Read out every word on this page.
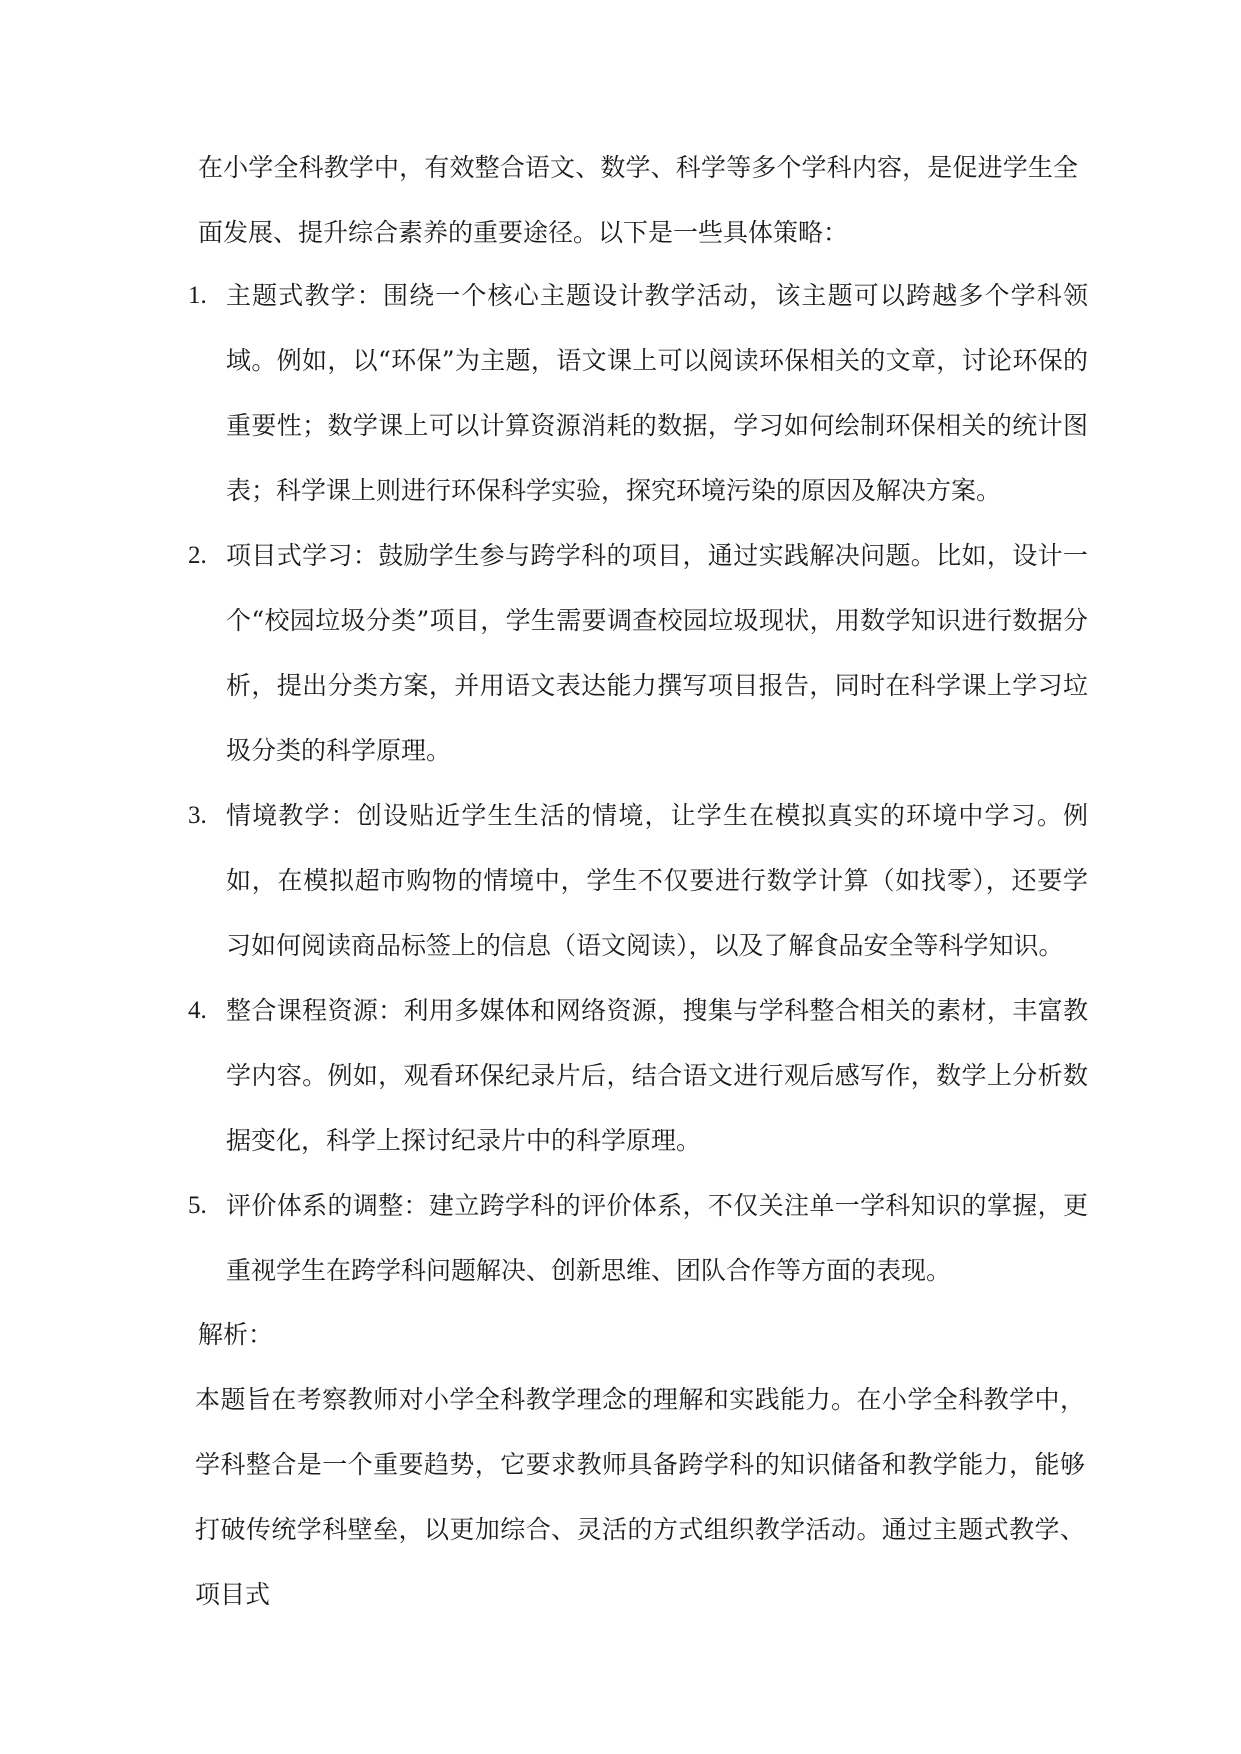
在小学全科教学中，有效整合语文、数学、科学等多个学科内容，是促进学生全面发展、提升综合素养的重要途径。以下是一些具体策略：

1. 主题式教学：围绕一个核心主题设计教学活动，该主题可以跨越多个学科领域。例如，以“环保”为主题，语文课上可以阅读环保相关的文章，讨论环保的重要性；数学课上可以计算资源消耗的数据，学习如何绘制环保相关的统计图表；科学课上则进行环保科学实验，探究环境污染的原因及解决方案。
2. 项目式学习：鼓励学生参与跨学科的项目，通过实践解决问题。比如，设计一个“校园垃圾分类”项目，学生需要调查校园垃圾现状，用数学知识进行数据分析，提出分类方案，并用语文表达能力撰写项目报告，同时在科学课上学习垃圾分类的科学原理。
3. 情境教学：创设贴近学生生活的情境，让学生在模拟真实的环境中学习。例如，在模拟超市购物的情境中，学生不仅要进行数学计算（如找零），还要学习如何阅读商品标签上的信息（语文阅读），以及了解食品安全等科学知识。
4. 整合课程资源：利用多媒体和网络资源，搜集与学科整合相关的素材，丰富教学内容。例如，观看环保纪录片后，结合语文进行观后感写作，数学上分析数据变化，科学上探讨纪录片中的科学原理。
5. 评价体系的调整：建立跨学科的评价体系，不仅关注单一学科知识的掌握，更重视学生在跨学科问题解决、创新思维、团队合作等方面的表现。

解析：

本题旨在考察教师对小学全科教学理念的理解和实践能力。在小学全科教学中，学科整合是一个重要趋势，它要求教师具备跨学科的知识储备和教学能力，能够打破传统学科壁垒，以更加综合、灵活的方式组织教学活动。通过主题式教学、项目式
